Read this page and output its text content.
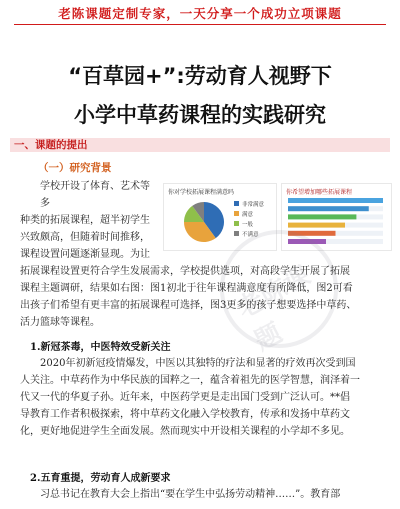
老陈课题定制专家，一天分享一个成功立项课题
“百草园+”:劳动育人视野下
小学中草药课程的实践研究
一、课题的提出
（一）研究背景
学校开设了体育、艺术等多
种类的拓展课程，超半初学生
兴致颇高，但随着时间推移，
课程设置问题逐渐显现。为让
你对学校拓展课程满意吗
非常满意
满意
一般
不满意
你希望增加哪些拓展课程
老陈课题
拓展课程设置更符合学生发展需求，学校提供选项，对高段学生开展了拓展
课程主题调研，结果如右图：图1初北于往年课程满意度有所降低，图2可看
出孩子们希望有更丰富的拓展课程可选择，图3更多的孩子想要选择中草药、
活力篮球等课程。
1.新冠茶毒，中医特效受新关注
2020年初新冠疫情爆发，中医以其独特的疗法和显著的疗效再次受到国
人关注。中草药作为中华民族的国粹之一，蕴含着祖先的医学智慧，润泽着一
代又一代的华夏子孙。近年来，中医药学更是走出国门受到广泛认可。**倡
导教育工作者积极探索，将中草药文化融入学校教育，传承和发扬中草药文
化，更好地促进学生全面发展。然而现实中开设相关课程的小学却不多见。
2.五育重提，劳动育人成新要求
习总书记在教育大会上指出“要在学生中弘扬劳动精神……”。教育部
